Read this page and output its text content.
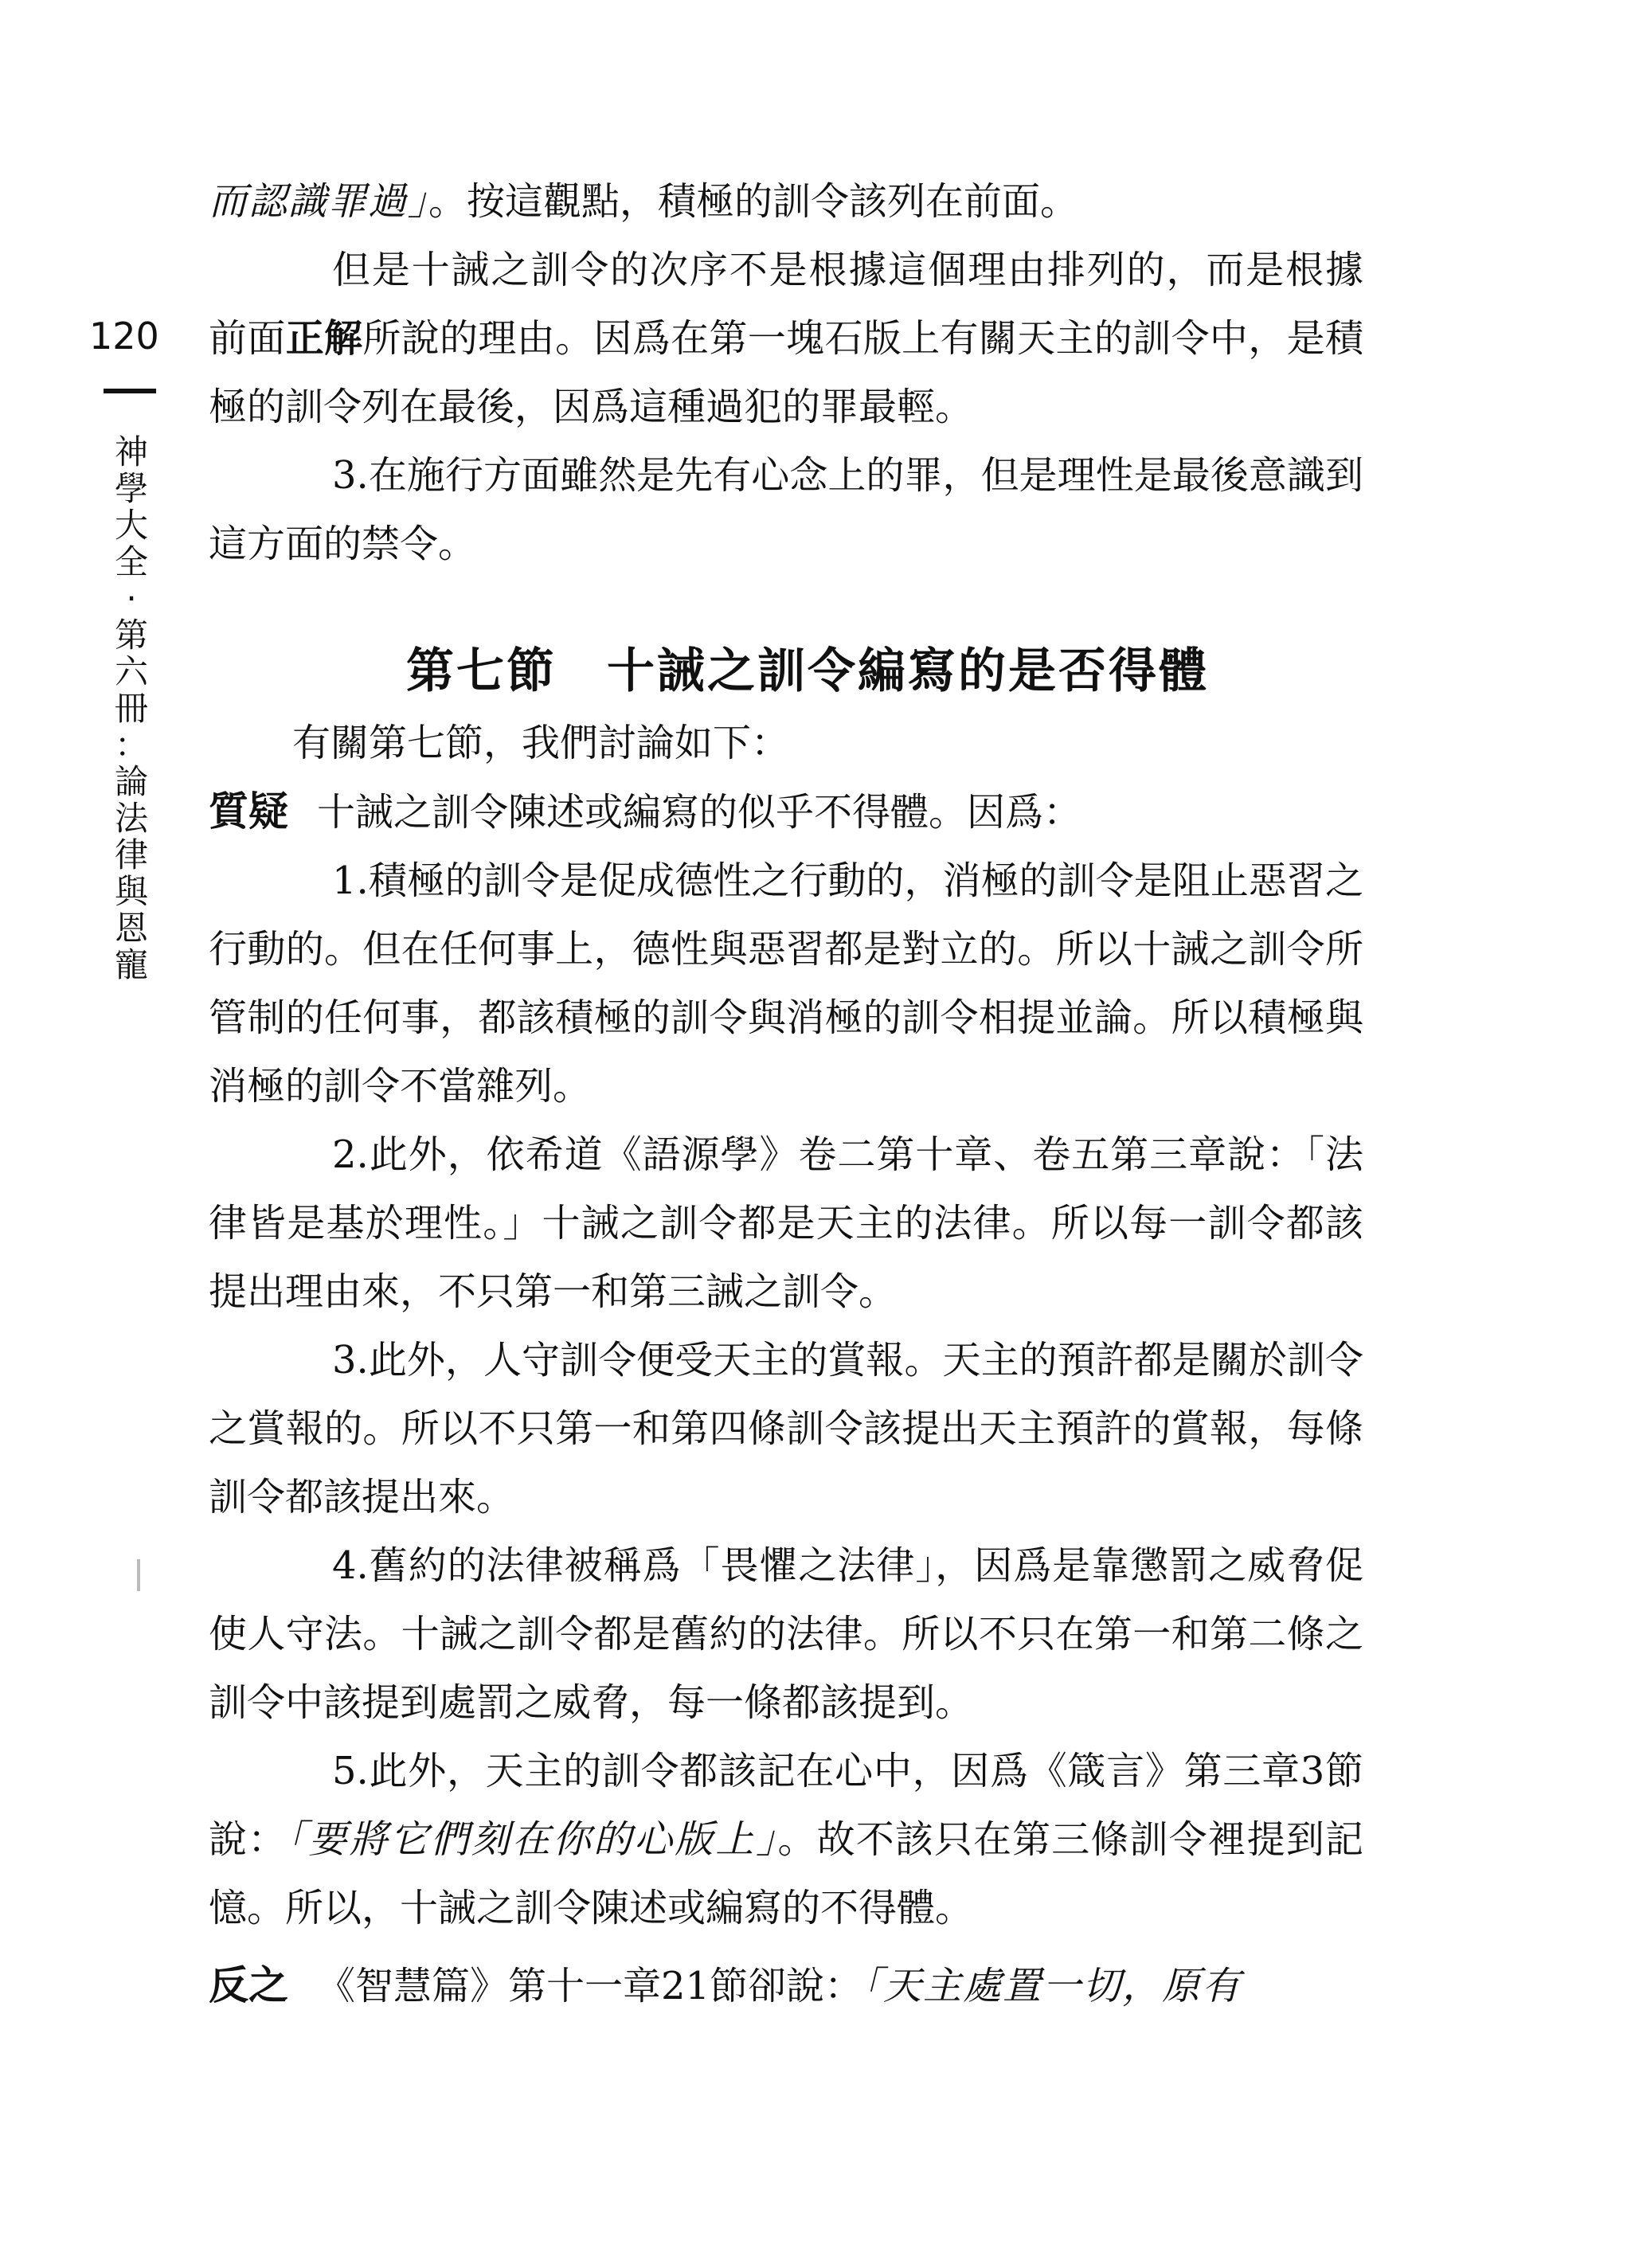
120
神
學
大
全
·
第
六
冊
：
論
法
律
與
恩
寵

而認識罪過」。按這觀點，積極的訓令該列在前面。

但是十誡之訓令的次序不是根據這個理由排列的，而是根據前面正解所說的理由。因爲在第一塊石版上有關天主的訓令中，是積極的訓令列在最後，因爲這種過犯的罪最輕。

3.在施行方面雖然是先有心念上的罪，但是理性是最後意識到這方面的禁令。

第七節　十誡之訓令編寫的是否得體

有關第七節，我們討論如下：

質疑 十誡之訓令陳述或編寫的似乎不得體。因爲：

1.積極的訓令是促成德性之行動的，消極的訓令是阻止惡習之行動的。但在任何事上，德性與惡習都是對立的。所以十誡之訓令所管制的任何事，都該積極的訓令與消極的訓令相提並論。所以積極與消極的訓令不當雜列。

2.此外，依希道《語源學》卷二第十章、卷五第三章說：「法律皆是基於理性。」十誡之訓令都是天主的法律。所以每一訓令都該提出理由來，不只第一和第三誡之訓令。

3.此外，人守訓令便受天主的賞報。天主的預許都是關於訓令之賞報的。所以不只第一和第四條訓令該提出天主預許的賞報，每條訓令都該提出來。

4.舊約的法律被稱爲「畏懼之法律」，因爲是靠懲罰之威脅促使人守法。十誡之訓令都是舊約的法律。所以不只在第一和第二條之訓令中該提到處罰之威脅，每一條都該提到。

5.此外，天主的訓令都該記在心中，因爲《箴言》第三章3節說：「要將它們刻在你的心版上」。故不該只在第三條訓令裡提到記憶。所以，十誡之訓令陳述或編寫的不得體。

反之 《智慧篇》第十一章21節卻說：「天主處置一切，原有
